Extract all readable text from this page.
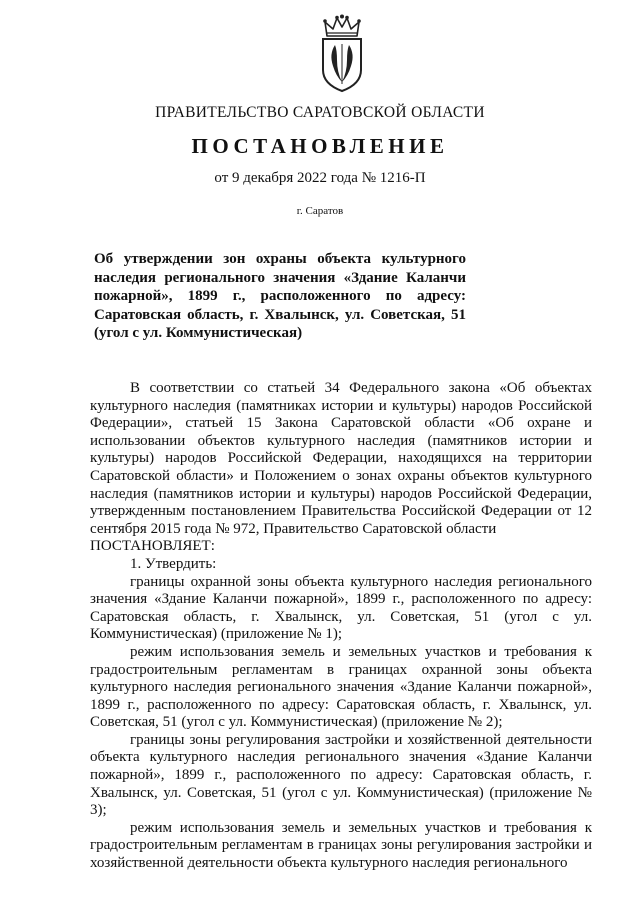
ПРАВИТЕЛЬСТВО САРАТОВСКОЙ ОБЛАСТИ
ПОСТАНОВЛЕНИЕ
от 9 декабря 2022 года № 1216-П
г. Саратов
Об утверждении зон охраны объекта культурного наследия регионального значения «Здание Каланчи пожарной», 1899 г., расположенного по адресу: Саратовская область, г. Хвалынск, ул. Советская, 51 (угол с ул. Коммунистическая)

В соответствии со статьей 34 Федерального закона «Об объектах культурного наследия (памятниках истории и культуры) народов Российской Федерации», статьей 15 Закона Саратовской области «Об охране и использовании объектов культурного наследия (памятников истории и культуры) народов Российской Федерации, находящихся на территории Саратовской области» и Положением о зонах охраны объектов культурного наследия (памятников истории и культуры) народов Российской Федерации, утвержденным постановлением Правительства Российской Федерации от 12 сентября 2015 года № 972, Правительство Саратовской области

ПОСТАНОВЛЯЕТ:

1. Утвердить:

границы охранной зоны объекта культурного наследия регионального значения «Здание Каланчи пожарной», 1899 г., расположенного по адресу: Саратовская область, г. Хвалынск, ул. Советская, 51 (угол с ул. Коммунистическая) (приложение № 1);

режим использования земель и земельных участков и требования к градостроительным регламентам в границах охранной зоны объекта культурного наследия регионального значения «Здание Каланчи пожарной», 1899 г., расположенного по адресу: Саратовская область, г. Хвалынск, ул. Советская, 51 (угол с ул. Коммунистическая) (приложение № 2);

границы зоны регулирования застройки и хозяйственной деятельности объекта культурного наследия регионального значения «Здание Каланчи пожарной», 1899 г., расположенного по адресу: Саратовская область, г. Хвалынск, ул. Советская, 51 (угол с ул. Коммунистическая) (приложение № 3);

режим использования земель и земельных участков и требования к градостроительным регламентам в границах зоны регулирования застройки и хозяйственной деятельности объекта культурного наследия регионального
